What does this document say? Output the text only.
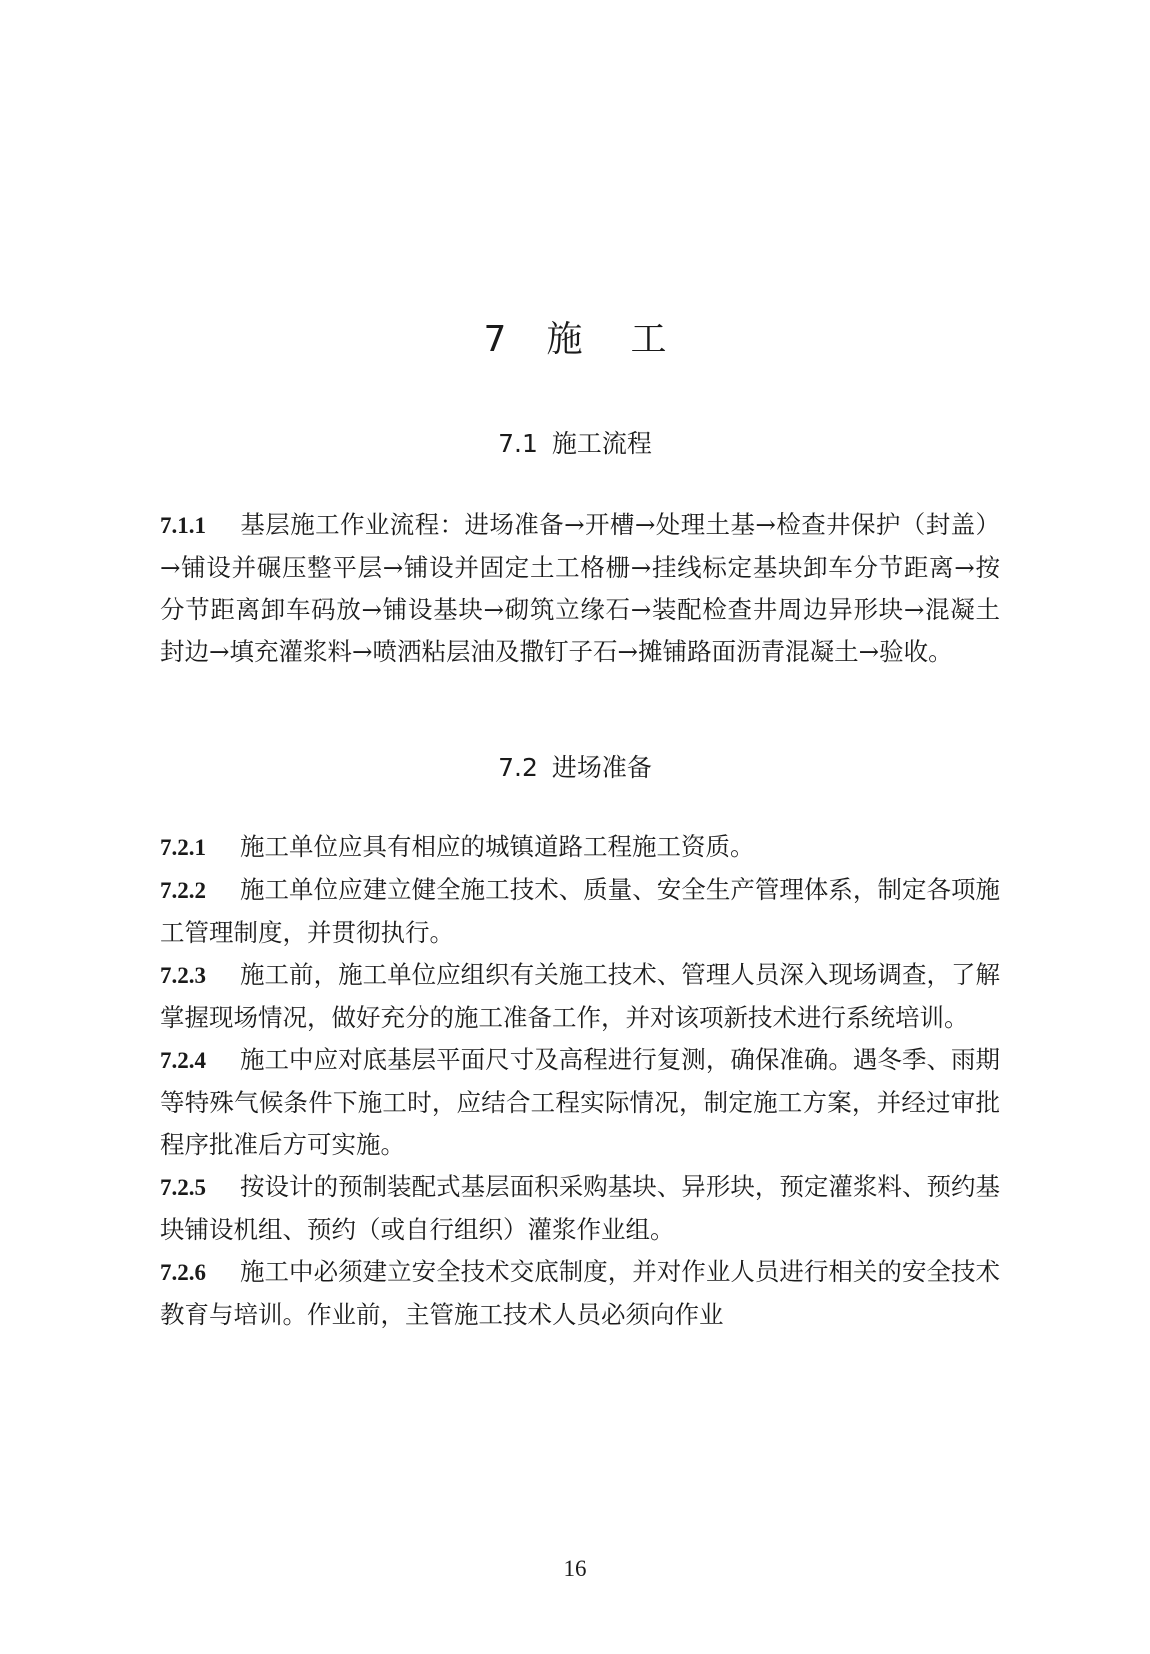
7 施工
7.1 施工流程

7.1.1 基层施工作业流程：进场准备→开槽→处理土基→检查井保护（封盖）→铺设并碾压整平层→铺设并固定土工格栅→挂线标定基块卸车分节距离→按分节距离卸车码放→铺设基块→砌筑立缘石→装配检查井周边异形块→混凝土封边→填充灌浆料→喷洒粘层油及撒钉子石→摊铺路面沥青混凝土→验收。

7.2 进场准备

7.2.1 施工单位应具有相应的城镇道路工程施工资质。

7.2.2 施工单位应建立健全施工技术、质量、安全生产管理体系，制定各项施工管理制度，并贯彻执行。

7.2.3 施工前，施工单位应组织有关施工技术、管理人员深入现场调查，了解掌握现场情况，做好充分的施工准备工作，并对该项新技术进行系统培训。

7.2.4 施工中应对底基层平面尺寸及高程进行复测，确保准确。遇冬季、雨期等特殊气候条件下施工时，应结合工程实际情况，制定施工方案，并经过审批程序批准后方可实施。

7.2.5 按设计的预制装配式基层面积采购基块、异形块，预定灌浆料、预约基块铺设机组、预约（或自行组织）灌浆作业组。

7.2.6 施工中必须建立安全技术交底制度，并对作业人员进行相关的安全技术教育与培训。作业前，主管施工技术人员必须向作业

16
